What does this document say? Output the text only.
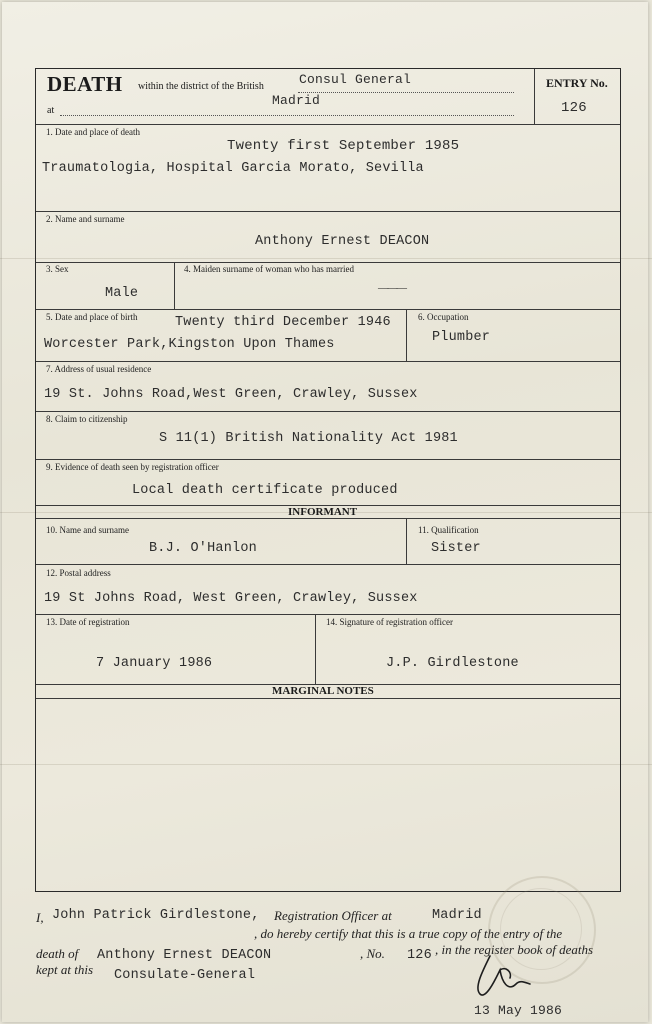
DEATH within the district of the British	Consul General
at
Madrid
ENTRY No.
126
1. Date and place of death
Twenty first September 1985
Traumatologia, Hospital Garcia Morato, Sevilla
2. Name and surname
Anthony Ernest DEACON
3. Sex
Male
4. Maiden surname of woman who has married
———
5. Date and place of birth	Twenty third December 1946
Worcester Park,Kingston Upon Thames
6. Occupation
Plumber
7. Address of usual residence
19 St. Johns Road,West Green, Crawley, Sussex
8. Claim to citizenship
S 11(1) British Nationality Act 1981
9. Evidence of death seen by registration officer
Local death certificate produced
INFORMANT
10. Name and surname
B.J. O'Hanlon
11. Qualification
Sister
12. Postal address
19 St Johns Road, West Green, Crawley, Sussex
13. Date of registration
7 January 1986
14. Signature of registration officer
J.P. Girdlestone
MARGINAL NOTES
I, John Patrick Girdlestone, Registration Officer at	Madrid
, do hereby certify that this is a true copy of the entry of the
death of Anthony Ernest DEACON	, No. 126 , in the register book of deaths
kept at this Consulate-General
13 May 1986
